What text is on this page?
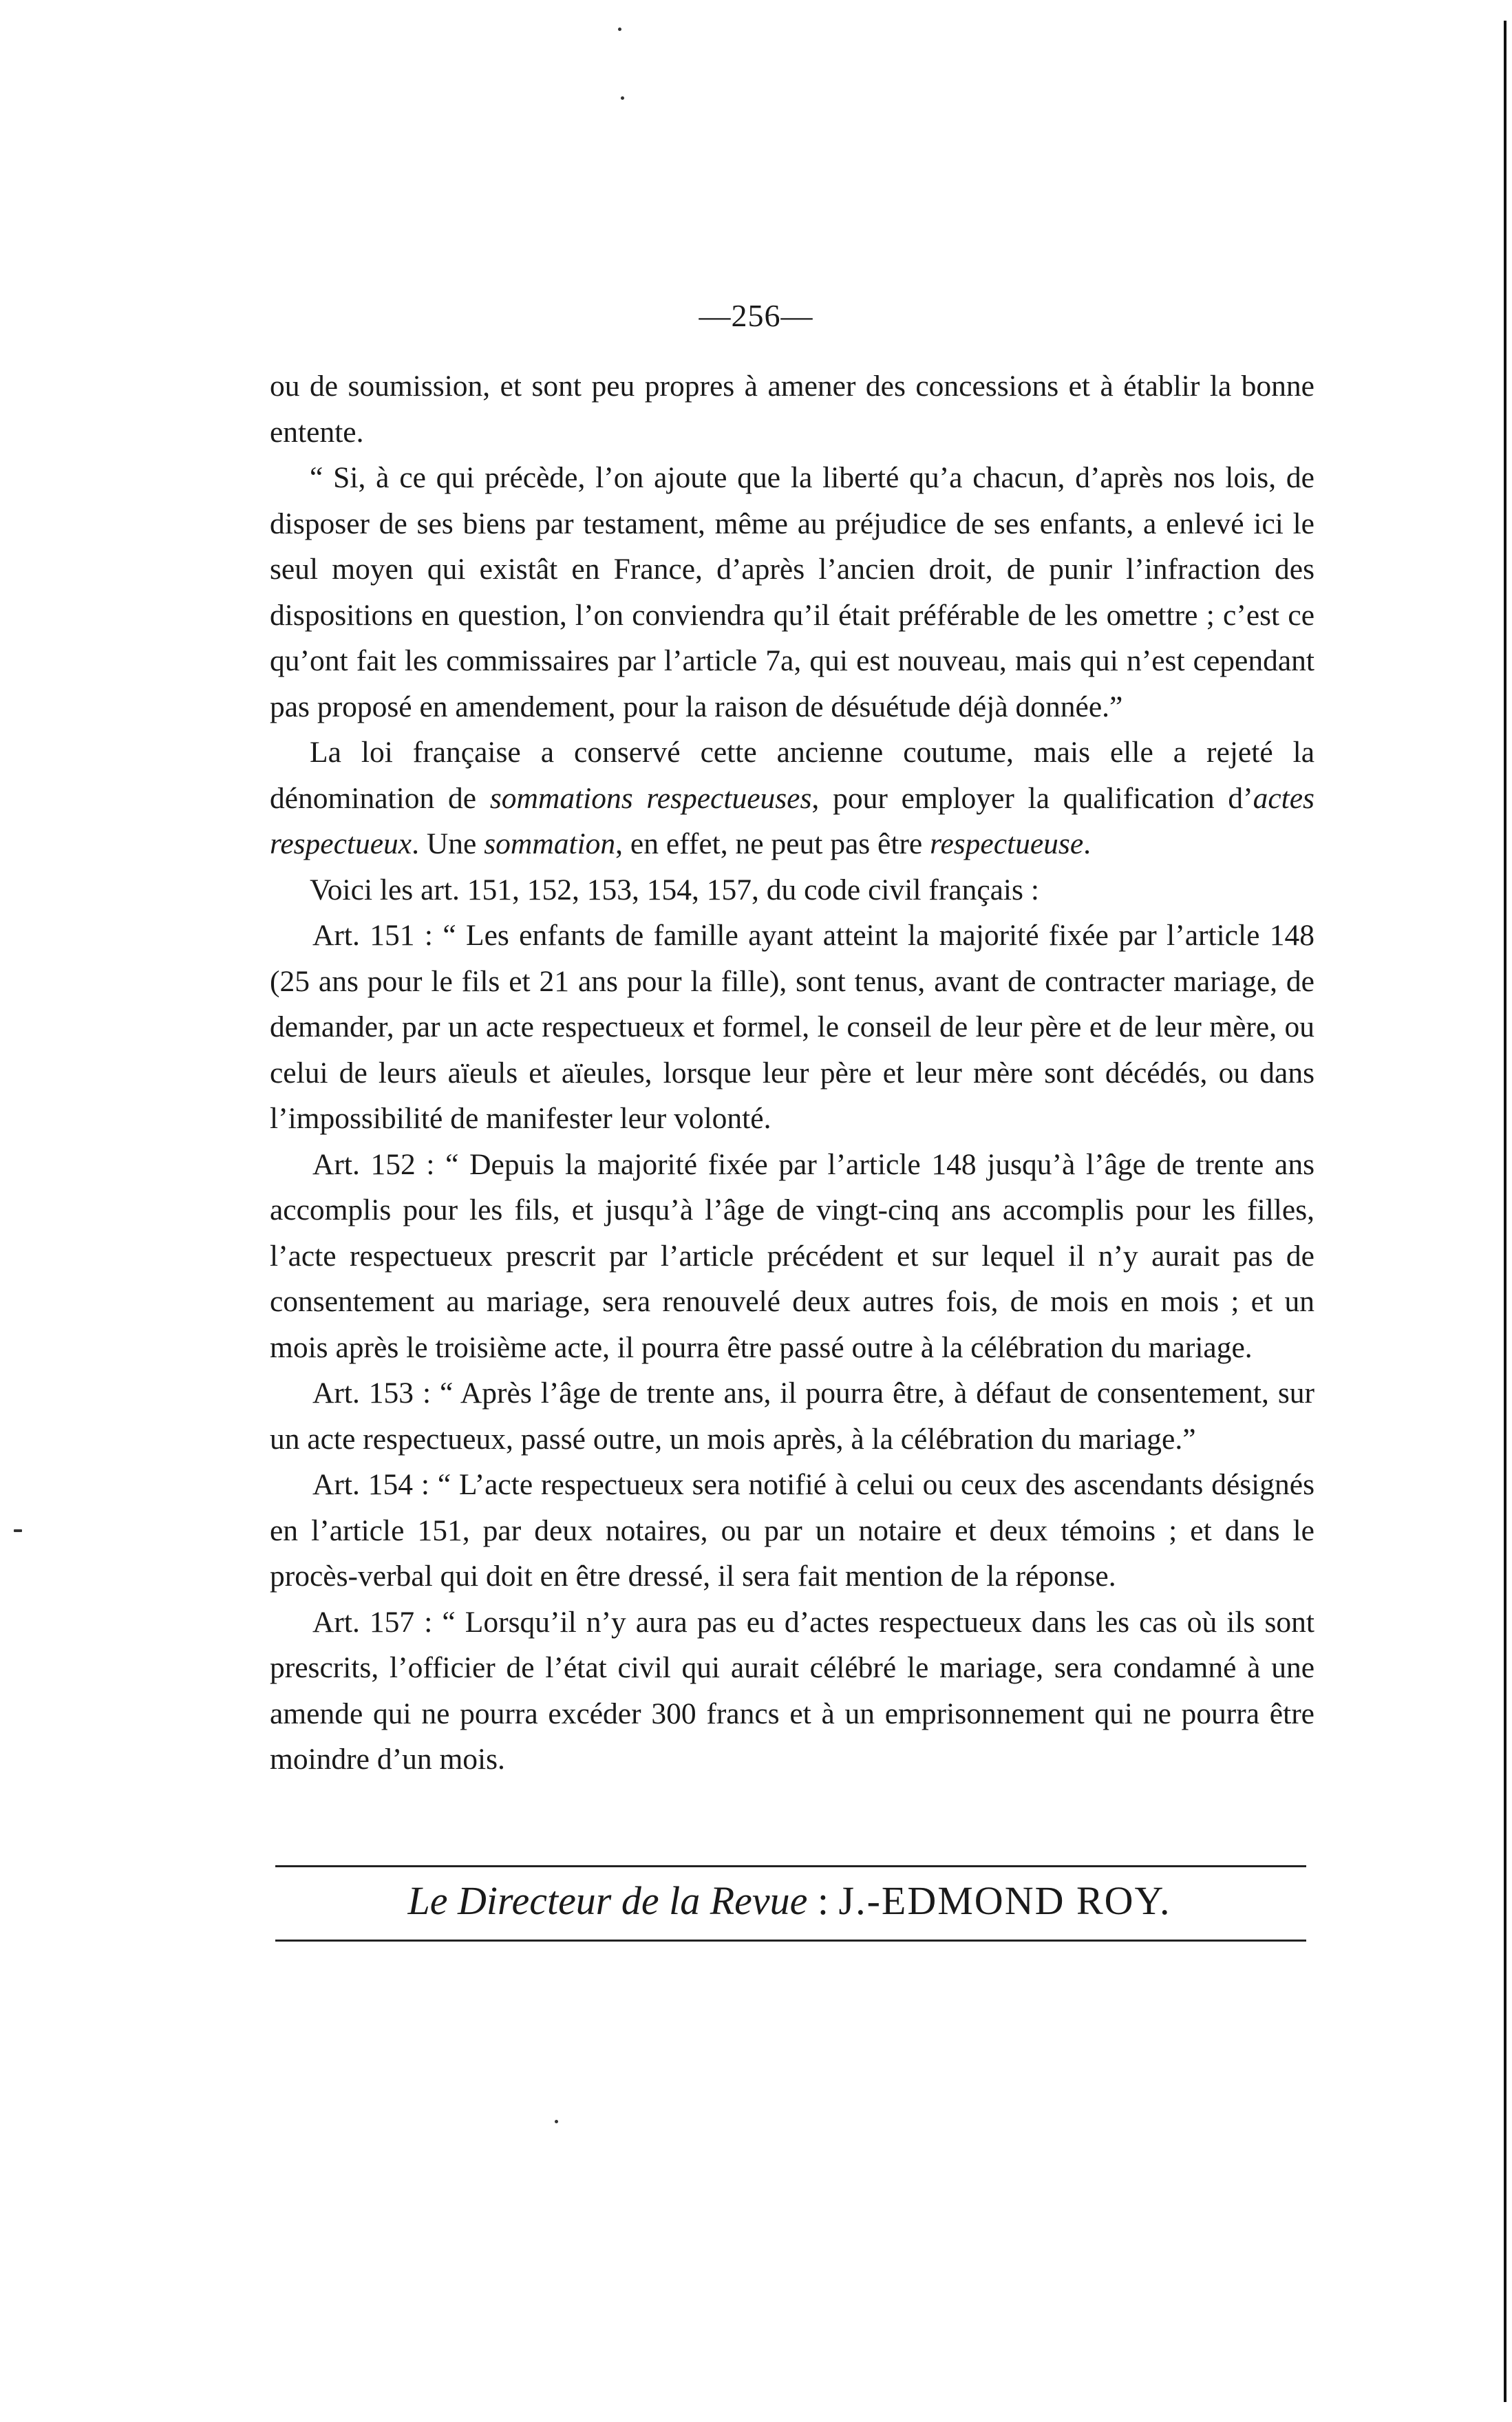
—256—

ou de soumission, et sont peu propres à amener des concessions et à établir la bonne entente.

“ Si, à ce qui précède, l’on ajoute que la liberté qu’a chacun, d’après nos lois, de disposer de ses biens par testament, même au préjudice de ses enfants, a enlevé ici le seul moyen qui existât en France, d’après l’ancien droit, de punir l’infraction des dispositions en question, l’on conviendra qu’il était préférable de les omettre ; c’est ce qu’ont fait les commissaires par l’article 7a, qui est nouveau, mais qui n’est cependant pas proposé en amendement, pour la raison de désuétude déjà donnée.”

La loi française a conservé cette ancienne coutume, mais elle a rejeté la dénomination de sommations respectueuses, pour employer la qualification d’actes respectueux. Une sommation, en effet, ne peut pas être respectueuse.

Voici les art. 151, 152, 153, 154, 157, du code civil français :

Art. 151 : “ Les enfants de famille ayant atteint la majorité fixée par l’article 148 (25 ans pour le fils et 21 ans pour la fille), sont tenus, avant de contracter mariage, de demander, par un acte respectueux et formel, le conseil de leur père et de leur mère, ou celui de leurs aïeuls et aïeules, lorsque leur père et leur mère sont décédés, ou dans l’impossibilité de manifester leur volonté.

Art. 152 : “ Depuis la majorité fixée par l’article 148 jusqu’à l’âge de trente ans accomplis pour les fils, et jusqu’à l’âge de vingt-cinq ans accomplis pour les filles, l’acte respectueux prescrit par l’article précédent et sur lequel il n’y aurait pas de consentement au mariage, sera renouvelé deux autres fois, de mois en mois ; et un mois après le troisième acte, il pourra être passé outre à la célébration du mariage.

Art. 153 : “ Après l’âge de trente ans, il pourra être, à défaut de consentement, sur un acte respectueux, passé outre, un mois après, à la célébration du mariage.”

Art. 154 : “ L’acte respectueux sera notifié à celui ou ceux des ascendants désignés en l’article 151, par deux notaires, ou par un notaire et deux témoins ; et dans le procès-verbal qui doit en être dressé, il sera fait mention de la réponse.

Art. 157 : “ Lorsqu’il n’y aura pas eu d’actes respectueux dans les cas où ils sont prescrits, l’officier de l’état civil qui aurait célébré le mariage, sera condamné à une amende qui ne pourra excéder 300 francs et à un emprisonnement qui ne pourra être moindre d’un mois.

Le Directeur de la Revue : J.-EDMOND ROY.
